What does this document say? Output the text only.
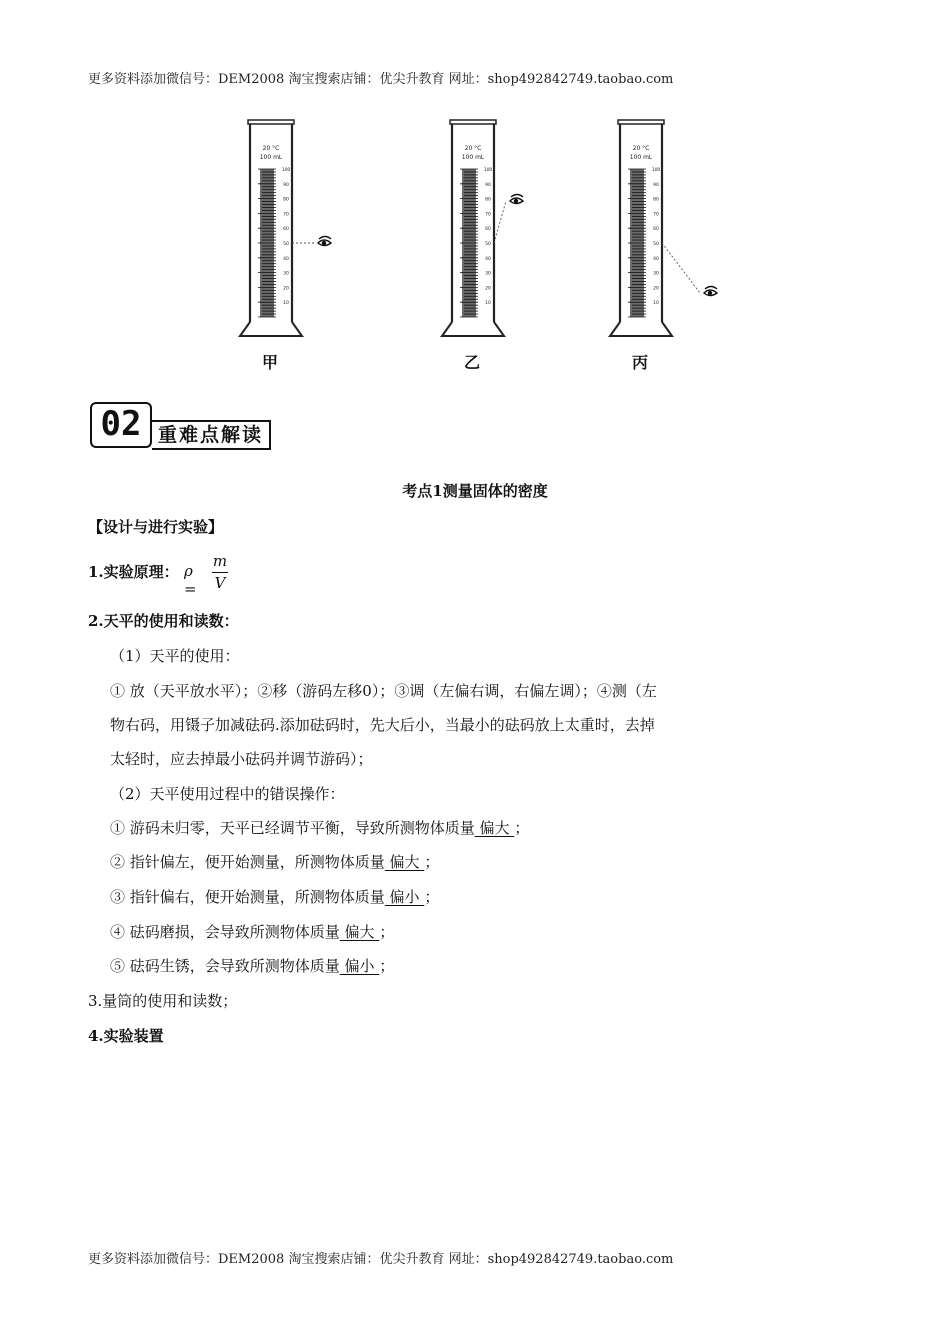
更多资料添加微信号：DEM2008 淘宝搜索店铺：优尖升教育 网址：shop492842749.taobao.com
20 °C
100 mL
100
90
80
70
60
50
40
30
20
10
甲
20 °C
100 mL
100
90
80
70
60
50
40
30
20
10
乙
20 °C
100 mL
100
90
80
70
60
50
40
30
20
10
丙
02 重难点解读
考点1测量固体的密度
【设计与进行实验】
1.实验原理： ρ =
m
V
2.天平的使用和读数：
（1）天平的使用：
① 放（天平放水平）；②移（游码左移0）；③调（左偏右调，右偏左调）；④测（左
物右码，用镊子加减砝码.添加砝码时，先大后小，当最小的砝码放上太重时，去掉
太轻时，应去掉最小砝码并调节游码）；
（2）天平使用过程中的错误操作：
① 游码未归零，天平已经调节平衡，导致所测物体质量 偏大 ；
② 指针偏左，便开始测量，所测物体质量 偏大 ；
③ 指针偏右，便开始测量，所测物体质量 偏小 ；
④ 砝码磨损，会导致所测物体质量 偏大 ；
⑤ 砝码生锈，会导致所测物体质量 偏小 ；
3.量筒的使用和读数；
4.实验装置
更多资料添加微信号：DEM2008 淘宝搜索店铺：优尖升教育 网址：shop492842749.taobao.com
